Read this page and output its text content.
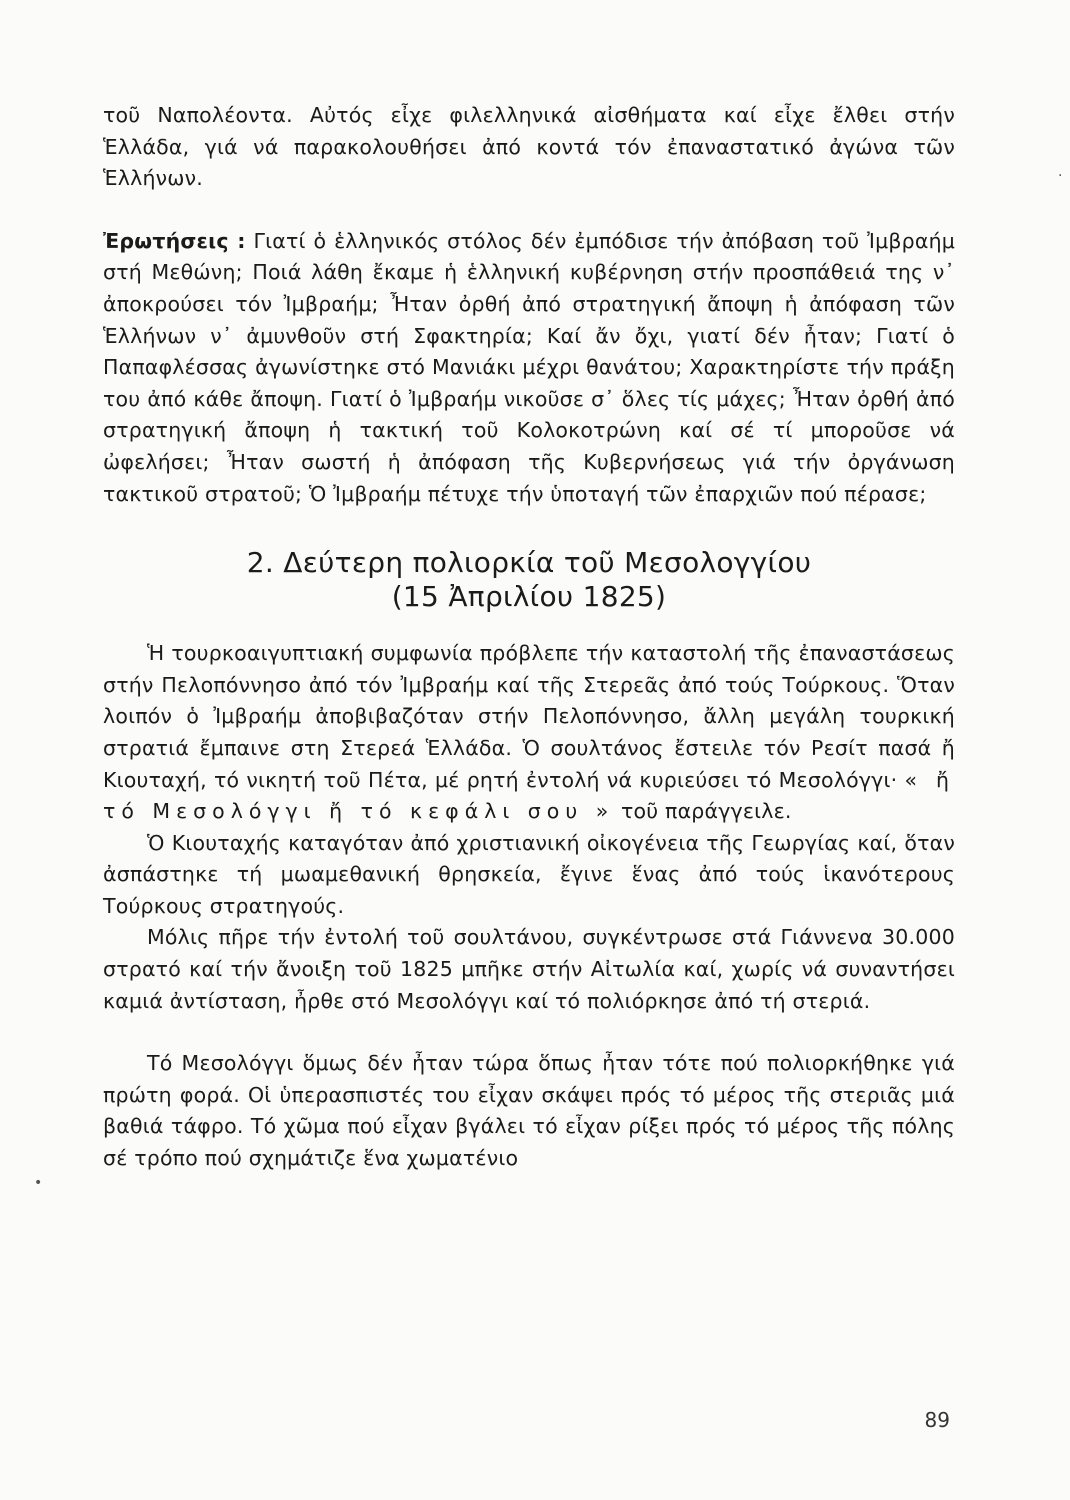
τοῦ Ναπολέοντα. Αὐτός εἶχε φιλελληνικά αἰσθήματα καί εἶχε ἔλθει στήν Ἑλλάδα, γιά νά παρακολουθήσει ἀπό κοντά τόν ἐπαναστατικό ἀγώνα τῶν Ἑλλήνων.

Ἐρωτήσεις : Γιατί ὁ ἑλληνικός στόλος δέν ἐμπόδισε τήν ἀπόβαση τοῦ Ἰμβραήμ στή Μεθώνη; Ποιά λάθη ἔκαμε ἡ ἑλληνική κυβέρνηση στήν προσπάθειά της ν᾽ ἀποκρούσει τόν Ἰμβραήμ; Ἦταν ὀρθή ἀπό στρατηγική ἄποψη ἡ ἀπόφαση τῶν Ἑλλήνων ν᾽ ἀμυνθοῦν στή Σφακτηρία; Καί ἄν ὄχι, γιατί δέν ἦταν; Γιατί ὁ Παπαφλέσσας ἀγωνίστηκε στό Μανιάκι μέχρι θανάτου; Χαρακτηρίστε τήν πράξη του ἀπό κάθε ἄποψη. Γιατί ὁ Ἰμβραήμ νικοῦσε σ᾽ ὅλες τίς μάχες; Ἦταν ὀρθή ἀπό στρατηγική ἄποψη ἡ τακτική τοῦ Κολοκοτρώνη καί σέ τί μποροῦσε νά ὠφελήσει; Ἦταν σωστή ἡ ἀπόφαση τῆς Κυβερνήσεως γιά τήν ὀργάνωση τακτικοῦ στρατοῦ; Ὁ Ἰμβραήμ πέτυχε τήν ὑποταγή τῶν ἐπαρχιῶν πού πέρασε;

2. Δεύτερη πολιορκία τοῦ Μεσολογγίου
(15 Ἀπριλίου 1825)

Ἡ τουρκοαιγυπτιακή συμφωνία πρόβλεπε τήν καταστολή τῆς ἐπαναστάσεως στήν Πελοπόννησο ἀπό τόν Ἰμβραήμ καί τῆς Στερεᾶς ἀπό τούς Τούρκους. Ὅταν λοιπόν ὁ Ἰμβραήμ ἀποβιβαζόταν στήν Πελοπόννησο, ἄλλη μεγάλη τουρκική στρατιά ἔμπαινε στη Στερεά Ἑλλάδα. Ὁ σουλτάνος ἔστειλε τόν Ρεσίτ πασά ἤ Κιουταχή, τό νικητή τοῦ Πέτα, μέ ρητή ἐντολή νά κυριεύσει τό Μεσολόγγι· « ἤ τό Μεσολόγγι ἤ τό κεφάλι σου » τοῦ παράγγειλε.

Ὁ Κιουταχής καταγόταν ἀπό χριστιανική οἰκογένεια τῆς Γεωργίας καί, ὅταν ἀσπάστηκε τή μωαμεθανική θρησκεία, ἔγινε ἕνας ἀπό τούς ἱκανότερους Τούρκους στρατηγούς.

Μόλις πῆρε τήν ἐντολή τοῦ σουλτάνου, συγκέντρωσε στά Γιάννενα 30.000 στρατό καί τήν ἄνοιξη τοῦ 1825 μπῆκε στήν Αἰτωλία καί, χωρίς νά συναντήσει καμιά ἀντίσταση, ἦρθε στό Μεσολόγγι καί τό πολιόρκησε ἀπό τή στεριά.

Τό Μεσολόγγι ὅμως δέν ἦταν τώρα ὅπως ἦταν τότε πού πολιορκήθηκε γιά πρώτη φορά. Οἱ ὑπερασπιστές του εἶχαν σκάψει πρός τό μέρος τῆς στεριᾶς μιά βαθιά τάφρο. Τό χῶμα πού εἶχαν βγάλει τό εἶχαν ρίξει πρός τό μέρος τῆς πόλης σέ τρόπο πού σχημάτιζε ἕνα χωματένιο

89
•
·
